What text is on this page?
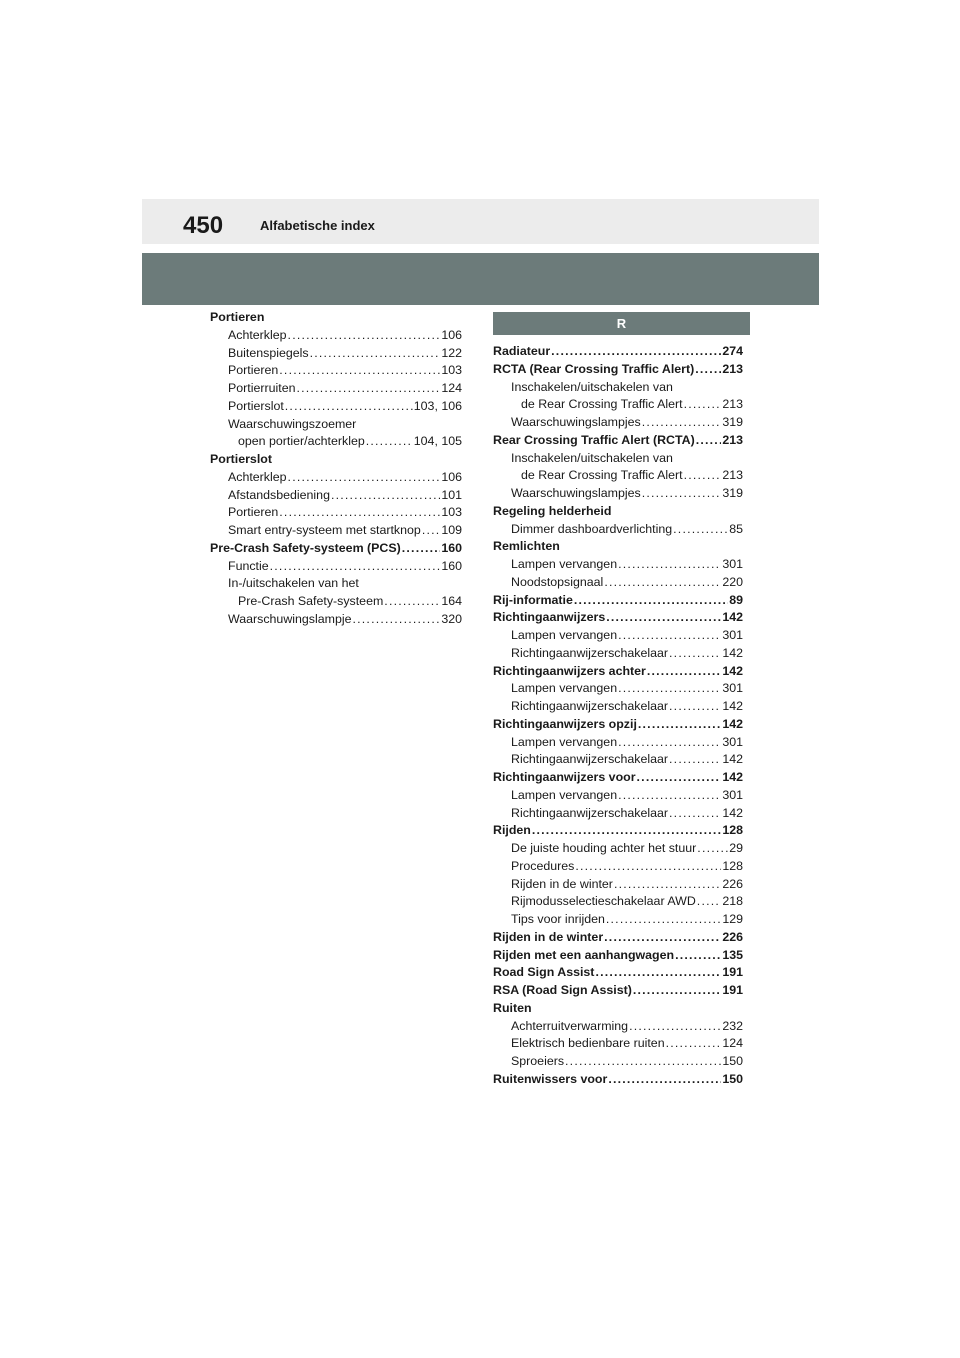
450	Alfabetische index
Portieren
Achterklep .....	106
Buitenspiegels .....	122
Portieren .....	103
Portierruiten .....	124
Portierslot .....	103, 106
Waarschuwingszoemer
open portier/achterklep .....	104, 105
Portierslot
Achterklep .....	106
Afstandsbediening .....	101
Portieren .....	103
Smart entry-systeem met startknop ..... 109
Pre-Crash Safety-systeem (PCS) .....	160
Functie .....	160
In-/uitschakelen van het
Pre-Crash Safety-systeem .....	164
Waarschuwingslampje .....	320
R
Radiateur .....	274
RCTA (Rear Crossing Traffic Alert) ..... 213
Inschakelen/uitschakelen van
de Rear Crossing Traffic Alert .....	213
Waarschuwingslampjes .....	319
Rear Crossing Traffic Alert (RCTA) ..... 213
Inschakelen/uitschakelen van
de Rear Crossing Traffic Alert .....	213
Waarschuwingslampjes .....	319
Regeling helderheid
Dimmer dashboardverlichting .....	85
Remlichten
Lampen vervangen .....	301
Noodstopsignaal .....	220
Rij-informatie .....	89
Richtingaanwijzers .....	142
Lampen vervangen .....	301
Richtingaanwijzerschakelaar .....	142
Richtingaanwijzers achter .....	142
Lampen vervangen .....	301
Richtingaanwijzerschakelaar .....	142
Richtingaanwijzers opzij .....	142
Lampen vervangen .....	301
Richtingaanwijzerschakelaar .....	142
Richtingaanwijzers voor .....	142
Lampen vervangen .....	301
Richtingaanwijzerschakelaar .....	142
Rijden .....	128
De juiste houding achter het stuur .....	29
Procedures .....	128
Rijden in de winter .....	226
Rijmodusselectieschakelaar AWD ..... 218
Tips voor inrijden .....	129
Rijden in de winter .....	226
Rijden met een aanhangwagen .....	135
Road Sign Assist .....	191
RSA (Road Sign Assist) .....	191
Ruiten
Achterruitverwarming .....	232
Elektrisch bedienbare ruiten .....	124
Sproeiers .....	150
Ruitenwissers voor .....	150
